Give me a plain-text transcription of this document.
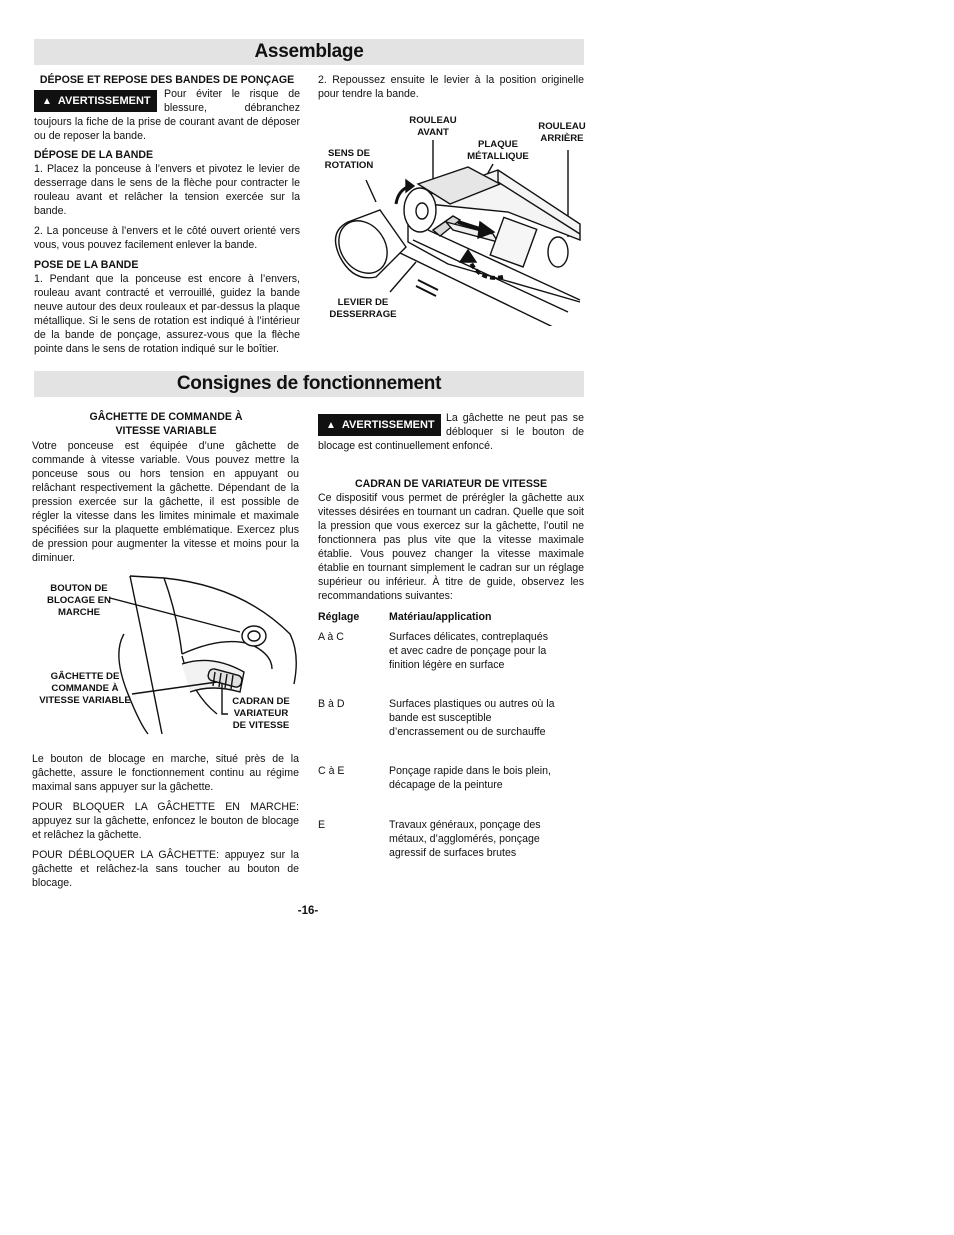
Assemblage

DÉPOSE ET REPOSE DES BANDES DE PONÇAGE

▲ AVERTISSEMENT
Pour éviter le risque de blessure, débranchez
toujours la fiche de la prise de courant avant de déposer ou de reposer la bande.

DÉPOSE DE LA BANDE

1. Placez la ponceuse à l’envers et pivotez le levier de desserrage dans le sens de la flèche pour contracter le rouleau avant et relâcher la tension exercée sur la bande.

2. La ponceuse à l’envers et le côté ouvert orienté vers vous, vous pouvez facilement enlever la bande.

POSE DE LA BANDE

1. Pendant que la ponceuse est encore à l’envers, rouleau avant contracté et verrouillé, guidez la bande neuve autour des deux rouleaux et par-dessus la plaque métallique. Si le sens de rotation est indiqué à l’intérieur de la bande de ponçage, assurez-vous que la flèche pointe dans le sens de rotation indiqué sur le boîtier.

2. Repoussez ensuite le levier à la position originelle pour tendre la bande.
ROULEAU AVANT
PLAQUE MÉTALLIQUE
ROULEAU ARRIÈRE
SENS DE ROTATION
LEVIER DE DESSERRAGE
Consignes de fonctionnement

GÂCHETTE DE COMMANDE À VITESSE VARIABLE

Votre ponceuse est équipée d’une gâchette de commande à vitesse variable. Vous pouvez mettre la ponceuse sous ou hors tension en appuyant ou relâchant respectivement la gâchette. Dépendant de la pression exercée sur la gâchette, il est possible de régler la vitesse dans les limites minimale et maximale spécifiées sur la plaquette emblématique. Exercez plus de pression pour augmenter la vitesse et moins pour la diminuer.
BOUTON DE BLOCAGE EN MARCHE
GÂCHETTE DE COMMANDE À VITESSE VARIABLE	CADRAN DE VARIATEUR DE VITESSE

Le bouton de blocage en marche, situé près de la gâchette, assure le fonctionnement continu au régime maximal sans appuyer sur la gâchette.

POUR BLOQUER LA GÂCHETTE EN MARCHE: appuyez sur la gâchette, enfoncez le bouton de blocage et relâchez la gâchette.

POUR DÉBLOQUER LA GÂCHETTE: appuyez sur la gâchette et relâchez-la sans toucher au bouton de blocage.

▲ AVERTISSEMENT
La gâchette ne peut pas se débloquer si le bouton de
blocage est continuellement enfoncé.

CADRAN DE VARIATEUR DE VITESSE

Ce dispositif vous permet de prérégler la gâchette aux vitesses désirées en tournant un cadran. Quelle que soit la pression que vous exercez sur la gâchette, l’outil ne fonctionnera pas plus vite que la vitesse maximale établie. Vous pouvez changer la vitesse maximale établie en tournant simplement le cadran sur un réglage supérieur ou inférieur. À titre de guide, observez les recommandations suivantes:

Réglage	Matériau/application
A à C	Surfaces délicates, contreplaqués et avec cadre de ponçage pour la finition légère en surface
B à D	Surfaces plastiques ou autres où la bande est susceptible d’encrassement ou de surchauffe
C à E	Ponçage rapide dans le bois plein, décapage de la peinture
E	Travaux généraux, ponçage des métaux, d’agglomérés, ponçage agressif de surfaces brutes
-16-
